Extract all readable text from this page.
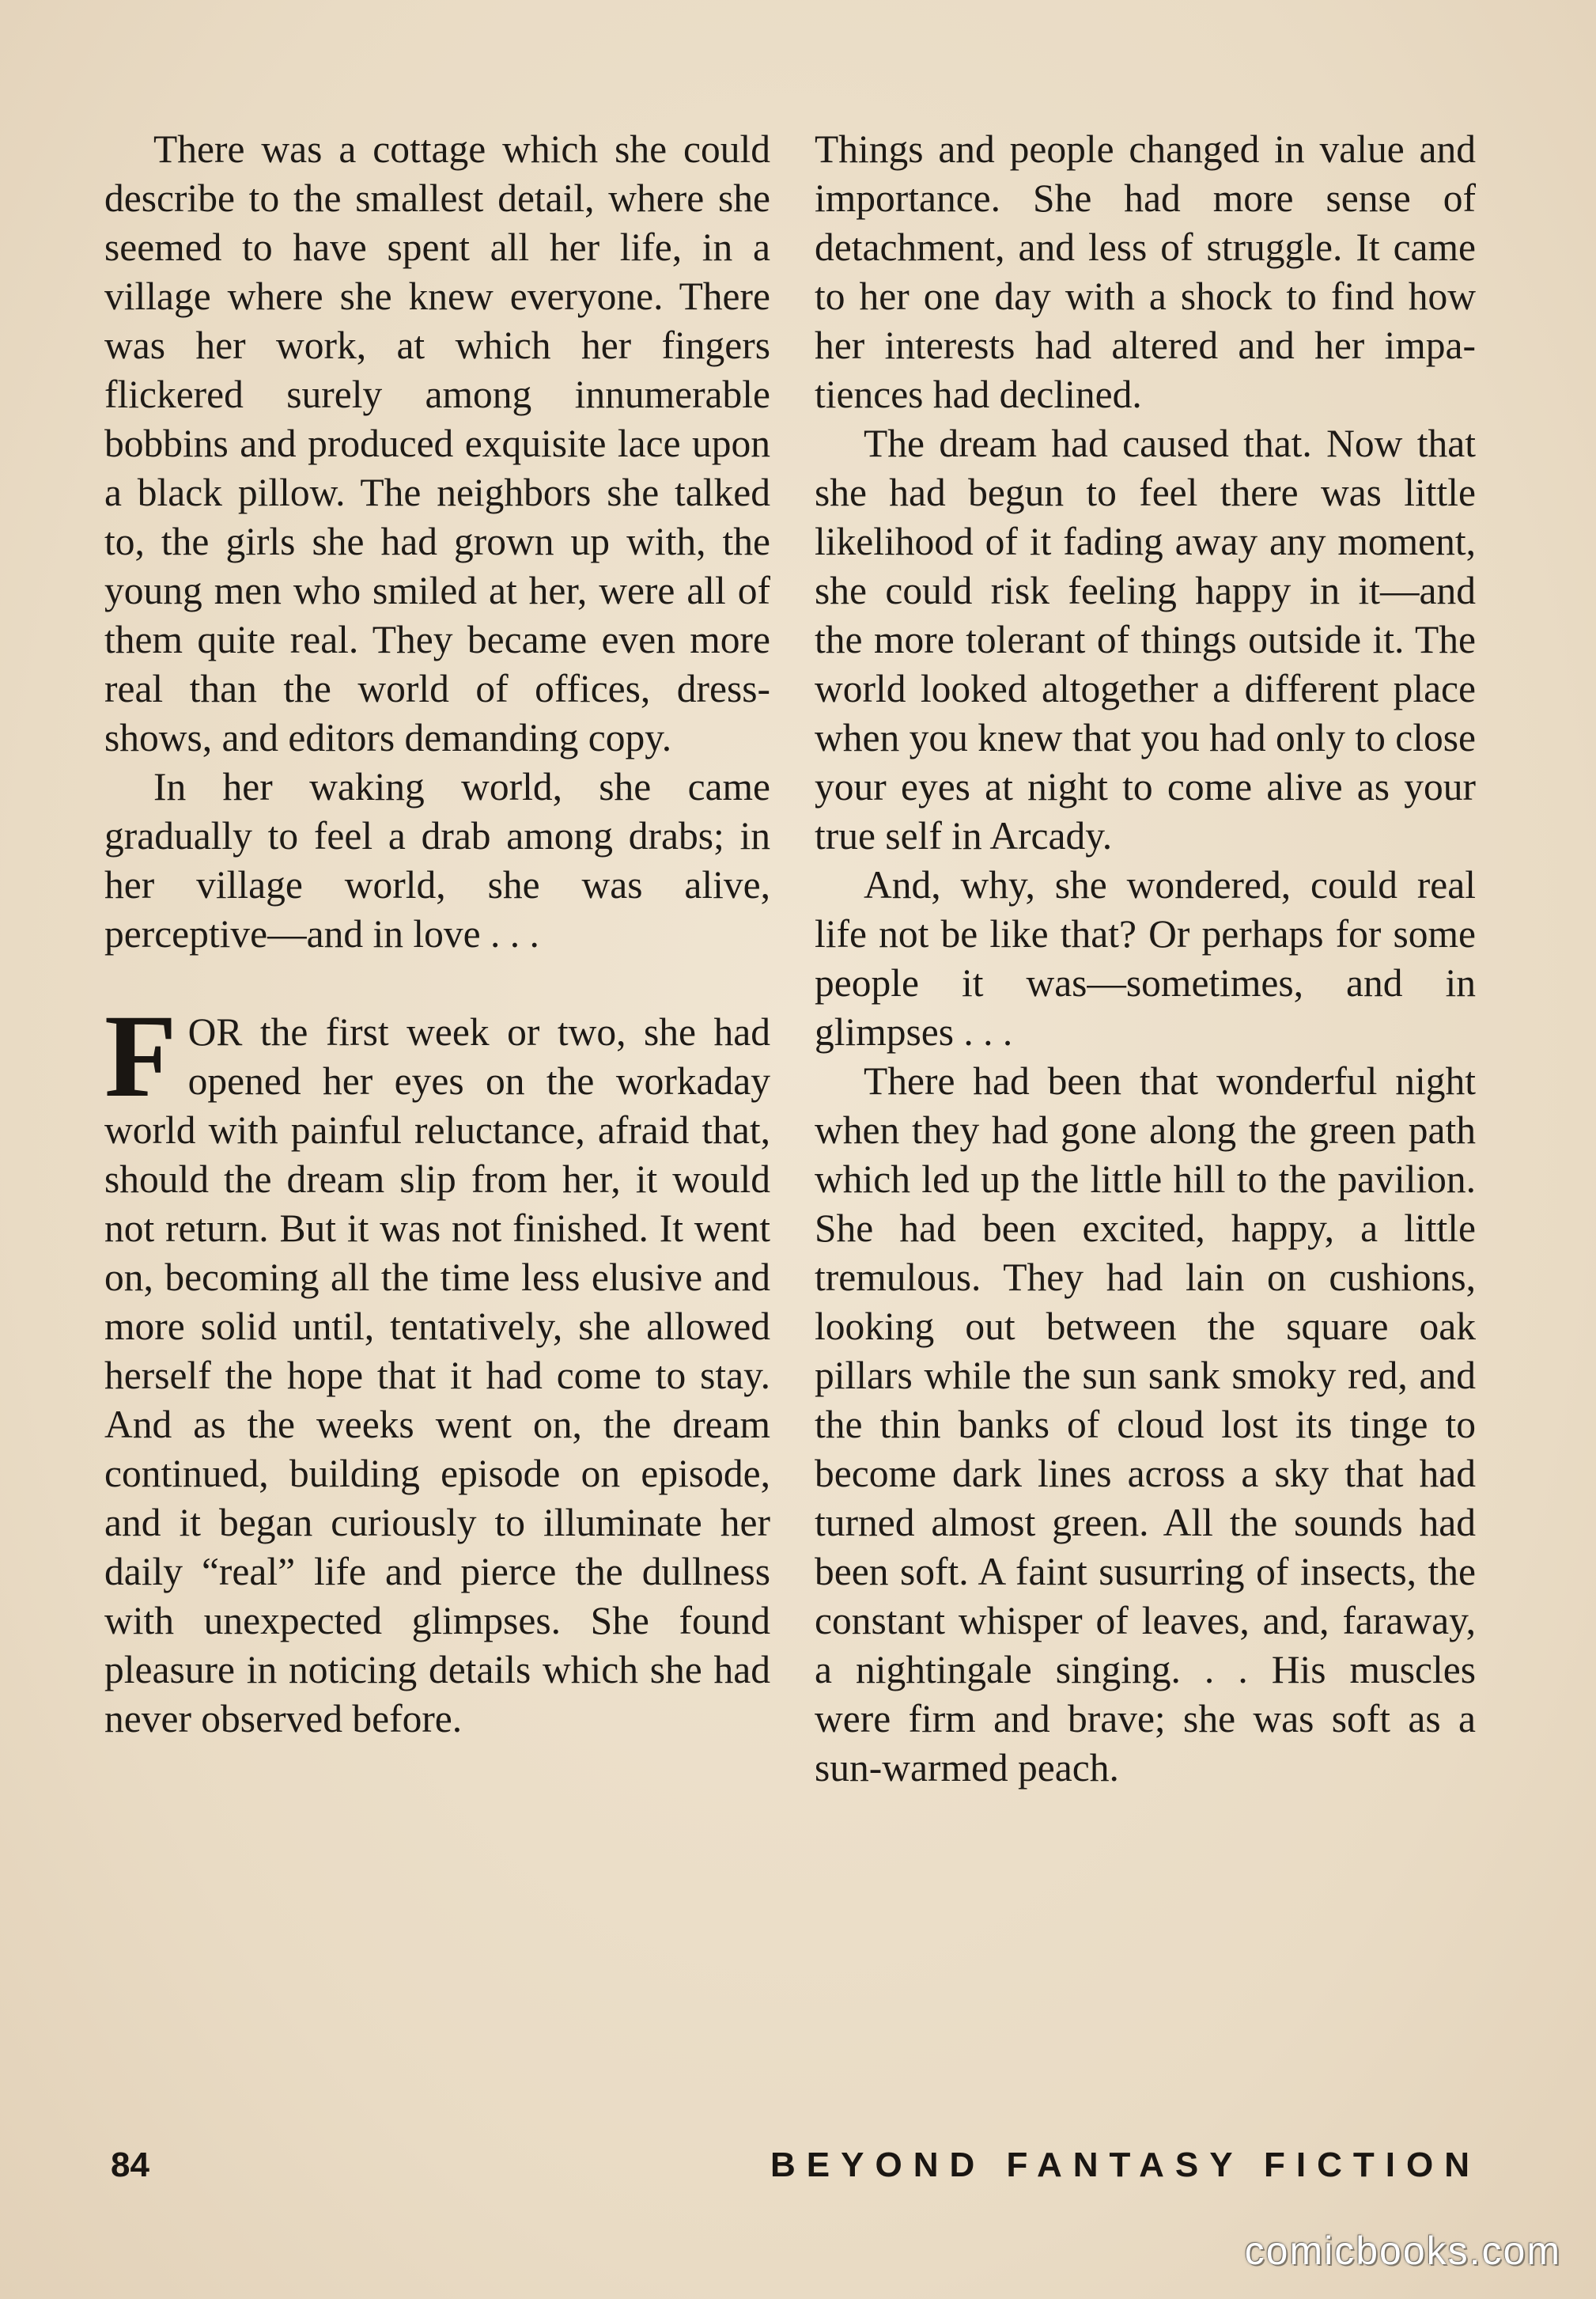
There was a cottage which she could describe to the smallest detail, where she seemed to have spent all her life, in a village where she knew everyone. There was her work, at which her fingers flickered surely among innumerable bobbins and produced exquisite lace upon a black pillow. The neighbors she talked to, the girls she had grown up with, the young men who smiled at her, were all of them quite real. They became even more real than the world of offices, dress-shows, and editors demanding copy.

In her waking world, she came gradually to feel a drab among drabs; in her village world, she was alive, perceptive—and in love . . .

FOR the first week or two, she had opened her eyes on the workaday world with painful reluctance, afraid that, should the dream slip from her, it would not return. But it was not finished. It went on, becoming all the time less elusive and more solid until, tentatively, she allowed herself the hope that it had come to stay. And as the weeks went on, the dream continued, building episode on episode, and it began curiously to illuminate her daily “real” life and pierce the dullness with unexpected glimpses. She found pleasure in noticing details which she had never observed before.

Things and people changed in value and importance. She had more sense of detachment, and less of struggle. It came to her one day with a shock to find how her interests had altered and her impatiences had declined.

The dream had caused that. Now that she had begun to feel there was little likelihood of it fading away any moment, she could risk feeling happy in it—and the more tolerant of things outside it. The world looked altogether a different place when you knew that you had only to close your eyes at night to come alive as your true self in Arcady.

And, why, she wondered, could real life not be like that? Or perhaps for some people it was—sometimes, and in glimpses . . .

There had been that wonderful night when they had gone along the green path which led up the little hill to the pavilion. She had been excited, happy, a little tremulous. They had lain on cushions, looking out between the square oak pillars while the sun sank smoky red, and the thin banks of cloud lost its tinge to become dark lines across a sky that had turned almost green. All the sounds had been soft. A faint susurring of insects, the constant whisper of leaves, and, faraway, a nightingale singing. . . His muscles were firm and brave; she was soft as a sun-warmed peach.

84	BEYOND FANTASY FICTION
comicbooks.com
